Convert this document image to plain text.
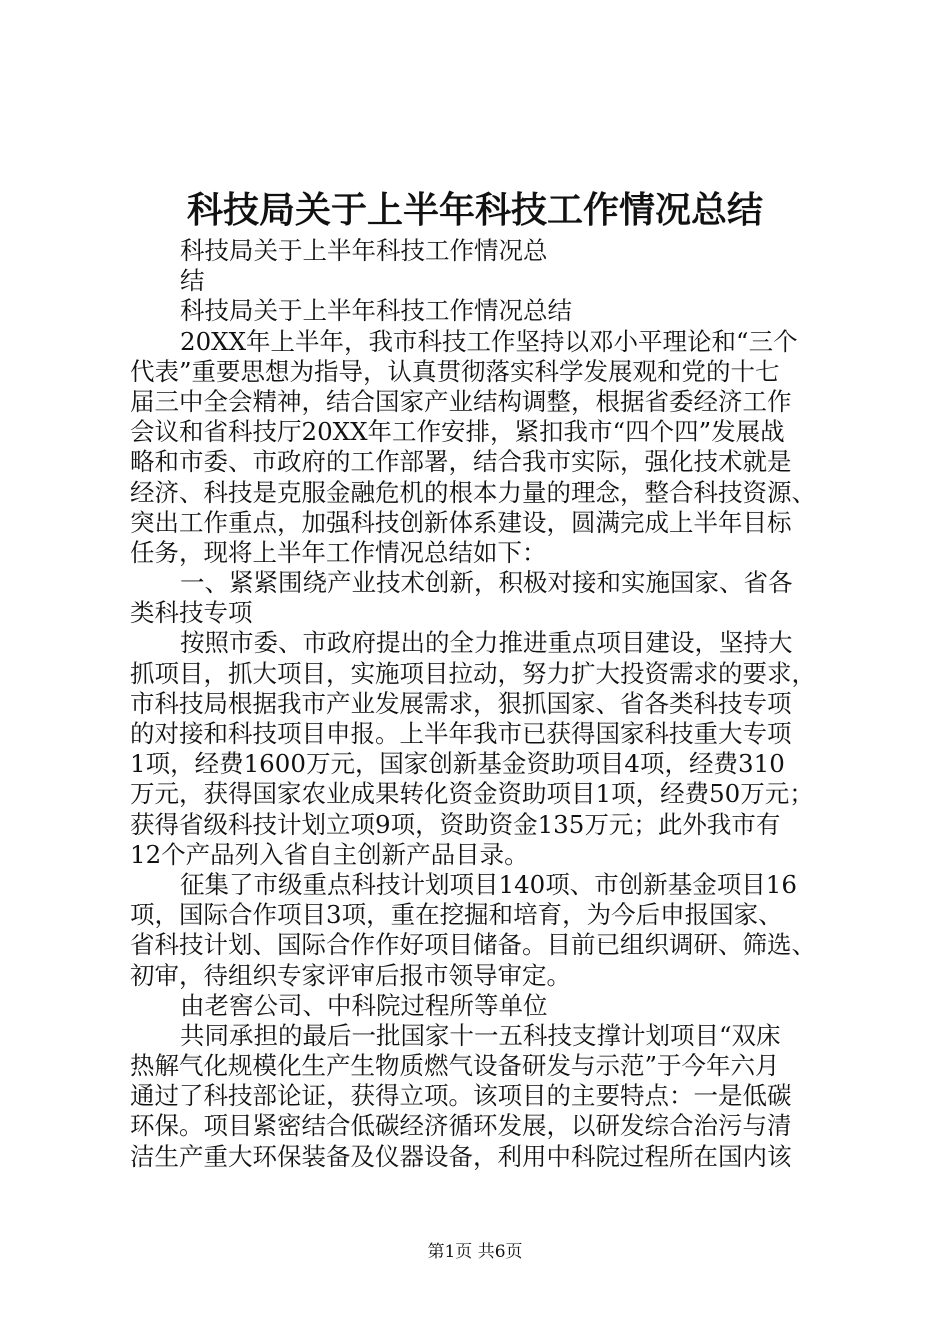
科技局关于上半年科技工作情况总结
科技局关于上半年科技工作情况总
结
科技局关于上半年科技工作情况总结
20XX年上半年，我市科技工作坚持以邓小平理论和“三个
代表”重要思想为指导，认真贯彻落实科学发展观和党的十七
届三中全会精神，结合国家产业结构调整，根据省委经济工作
会议和省科技厅20XX年工作安排，紧扣我市“四个四”发展战
略和市委、市政府的工作部署，结合我市实际，强化技术就是
经济、科技是克服金融危机的根本力量的理念，整合科技资源、
突出工作重点，加强科技创新体系建设，圆满完成上半年目标
任务，现将上半年工作情况总结如下：
一、紧紧围绕产业技术创新，积极对接和实施国家、省各
类科技专项
按照市委、市政府提出的全力推进重点项目建设，坚持大
抓项目，抓大项目，实施项目拉动，努力扩大投资需求的要求，
市科技局根据我市产业发展需求，狠抓国家、省各类科技专项
的对接和科技项目申报。上半年我市已获得国家科技重大专项
1项，经费1600万元，国家创新基金资助项目4项，经费310
万元，获得国家农业成果转化资金资助项目1项，经费50万元；
获得省级科技计划立项9项，资助资金135万元；此外我市有
12个产品列入省自主创新产品目录。
征集了市级重点科技计划项目140项、市创新基金项目16
项，国际合作项目3项，重在挖掘和培育，为今后申报国家、
省科技计划、国际合作作好项目储备。目前已组织调研、筛选、
初审，待组织专家评审后报市领导审定。
由老窖公司、中科院过程所等单位
共同承担的最后一批国家十一五科技支撑计划项目“双床
热解气化规模化生产生物质燃气设备研发与示范”于今年六月
通过了科技部论证，获得立项。该项目的主要特点：一是低碳
环保。项目紧密结合低碳经济循环发展，以研发综合治污与清
洁生产重大环保装备及仪器设备，利用中科院过程所在国内该
第1页 共6页
